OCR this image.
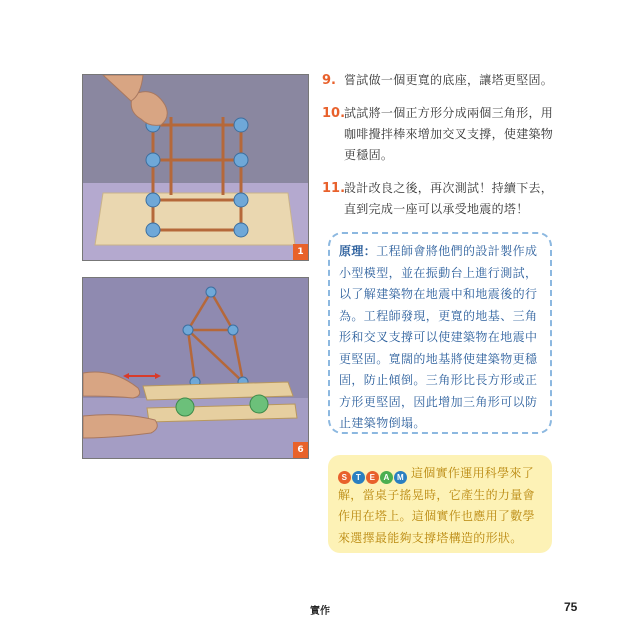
1
6
9. 嘗試做一個更寬的底座，讓塔更堅固。
10.
試試將一個正方形分成兩個三角形，用咖啡攪拌棒來增加交叉支撐，使建築物更穩固。
11.
設計改良之後，再次測試！持續下去，直到完成一座可以承受地震的塔！
原理：工程師會將他們的設計製作成小型模型，並在振動台上進行測試，以了解建築物在地震中和地震後的行為。工程師發現，更寬的地基、三角形和交叉支撐可以使建築物在地震中更堅固。寬闊的地基將使建築物更穩固，防止傾倒。三角形比長方形或正方形更堅固，因此增加三角形可以防止建築物倒塌。
S	T	E	A M 這個實作運用科學來了解，當桌子搖晃時，它產生的力量會作用在塔上。這個實作也應用了數學來選擇最能夠支撐塔構造的形狀。
實作	75
